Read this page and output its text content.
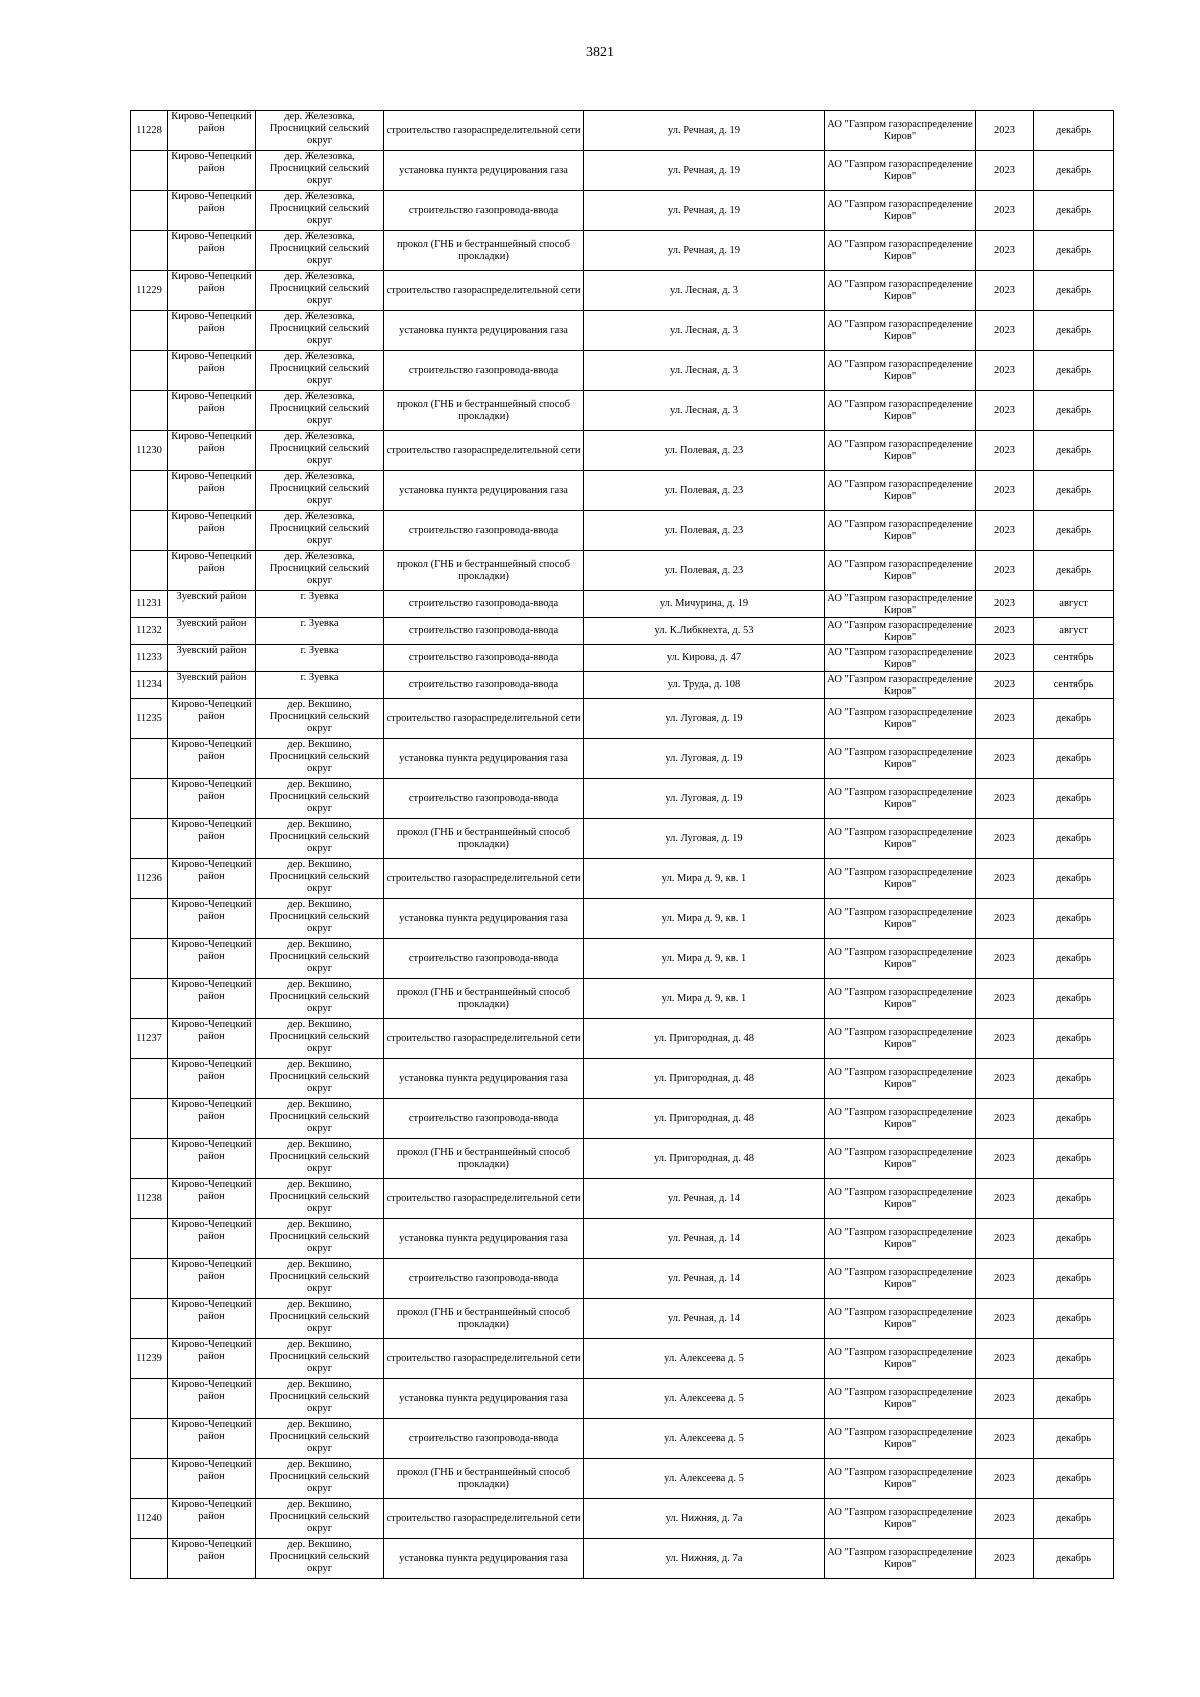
3821
11228	Кирово-Чепецкий район	дер. Железовка, Просницкий сельский округ	строительство газораспределительной сети	ул. Речная, д. 19	АО "Газпром газораспределение Киров"	2023	декабрь

	Кирово-Чепецкий район	дер. Железовка, Просницкий сельский округ	установка пункта редуцирования газа	ул. Речная, д. 19	АО "Газпром газораспределение Киров"	2023	декабрь

	Кирово-Чепецкий район	дер. Железовка, Просницкий сельский округ	строительство газопровода-ввода	ул. Речная, д. 19	АО "Газпром газораспределение Киров"	2023	декабрь

	Кирово-Чепецкий район	дер. Железовка, Просницкий сельский округ	прокол (ГНБ и бестраншейный способ прокладки)	ул. Речная, д. 19	АО "Газпром газораспределение Киров"	2023	декабрь
11229	Кирово-Чепецкий район	дер. Железовка, Просницкий сельский округ	строительство газораспределительной сети	ул. Лесная, д. 3	АО "Газпром газораспределение Киров"	2023	декабрь

	Кирово-Чепецкий район	дер. Железовка, Просницкий сельский округ	установка пункта редуцирования газа	ул. Лесная, д. 3	АО "Газпром газораспределение Киров"	2023	декабрь

	Кирово-Чепецкий район	дер. Железовка, Просницкий сельский округ	строительство газопровода-ввода	ул. Лесная, д. 3	АО "Газпром газораспределение Киров"	2023	декабрь

	Кирово-Чепецкий район	дер. Железовка, Просницкий сельский округ	прокол (ГНБ и бестраншейный способ прокладки)	ул. Лесная, д. 3	АО "Газпром газораспределение Киров"	2023	декабрь
11230	Кирово-Чепецкий район	дер. Железовка, Просницкий сельский округ	строительство газораспределительной сети	ул. Полевая, д. 23	АО "Газпром газораспределение Киров"	2023	декабрь

	Кирово-Чепецкий район	дер. Железовка, Просницкий сельский округ	установка пункта редуцирования газа	ул. Полевая, д. 23	АО "Газпром газораспределение Киров"	2023	декабрь

	Кирово-Чепецкий район	дер. Железовка, Просницкий сельский округ	строительство газопровода-ввода	ул. Полевая, д. 23	АО "Газпром газораспределение Киров"	2023	декабрь

	Кирово-Чепецкий район	дер. Железовка, Просницкий сельский округ	прокол (ГНБ и бестраншейный способ прокладки)	ул. Полевая, д. 23	АО "Газпром газораспределение Киров"	2023	декабрь
11231	Зуевский район	г. Зуевка	строительство газопровода-ввода	ул. Мичурина, д. 19	АО "Газпром газораспределение Киров"	2023	август
11232	Зуевский район	г. Зуевка	строительство газопровода-ввода	ул. К.Либкнехта, д. 53	АО "Газпром газораспределение Киров"	2023	август
11233	Зуевский район	г. Зуевка	строительство газопровода-ввода	ул. Кирова, д. 47	АО "Газпром газораспределение Киров"	2023	сентябрь
11234	Зуевский район	г. Зуевка	строительство газопровода-ввода	ул. Труда, д. 108	АО "Газпром газораспределение Киров"	2023	сентябрь
11235	Кирово-Чепецкий район	дер. Векшино, Просницкий сельский округ	строительство газораспределительной сети	ул. Луговая, д. 19	АО "Газпром газораспределение Киров"	2023	декабрь

	Кирово-Чепецкий район	дер. Векшино, Просницкий сельский округ	установка пункта редуцирования газа	ул. Луговая, д. 19	АО "Газпром газораспределение Киров"	2023	декабрь

	Кирово-Чепецкий район	дер. Векшино, Просницкий сельский округ	строительство газопровода-ввода	ул. Луговая, д. 19	АО "Газпром газораспределение Киров"	2023	декабрь

	Кирово-Чепецкий район	дер. Векшино, Просницкий сельский округ	прокол (ГНБ и бестраншейный способ прокладки)	ул. Луговая, д. 19	АО "Газпром газораспределение Киров"	2023	декабрь
11236	Кирово-Чепецкий район	дер. Векшино, Просницкий сельский округ	строительство газораспределительной сети	ул. Мира д. 9, кв. 1	АО "Газпром газораспределение Киров"	2023	декабрь

	Кирово-Чепецкий район	дер. Векшино, Просницкий сельский округ	установка пункта редуцирования газа	ул. Мира д. 9, кв. 1	АО "Газпром газораспределение Киров"	2023	декабрь

	Кирово-Чепецкий район	дер. Векшино, Просницкий сельский округ	строительство газопровода-ввода	ул. Мира д. 9, кв. 1	АО "Газпром газораспределение Киров"	2023	декабрь

	Кирово-Чепецкий район	дер. Векшино, Просницкий сельский округ	прокол (ГНБ и бестраншейный способ прокладки)	ул. Мира д. 9, кв. 1	АО "Газпром газораспределение Киров"	2023	декабрь
11237	Кирово-Чепецкий район	дер. Векшино, Просницкий сельский округ	строительство газораспределительной сети	ул. Пригородная, д. 48	АО "Газпром газораспределение Киров"	2023	декабрь

	Кирово-Чепецкий район	дер. Векшино, Просницкий сельский округ	установка пункта редуцирования газа	ул. Пригородная, д. 48	АО "Газпром газораспределение Киров"	2023	декабрь

	Кирово-Чепецкий район	дер. Векшино, Просницкий сельский округ	строительство газопровода-ввода	ул. Пригородная, д. 48	АО "Газпром газораспределение Киров"	2023	декабрь

	Кирово-Чепецкий район	дер. Векшино, Просницкий сельский округ	прокол (ГНБ и бестраншейный способ прокладки)	ул. Пригородная, д. 48	АО "Газпром газораспределение Киров"	2023	декабрь
11238	Кирово-Чепецкий район	дер. Векшино, Просницкий сельский округ	строительство газораспределительной сети	ул. Речная, д. 14	АО "Газпром газораспределение Киров"	2023	декабрь

	Кирово-Чепецкий район	дер. Векшино, Просницкий сельский округ	установка пункта редуцирования газа	ул. Речная, д. 14	АО "Газпром газораспределение Киров"	2023	декабрь

	Кирово-Чепецкий район	дер. Векшино, Просницкий сельский округ	строительство газопровода-ввода	ул. Речная, д. 14	АО "Газпром газораспределение Киров"	2023	декабрь

	Кирово-Чепецкий район	дер. Векшино, Просницкий сельский округ	прокол (ГНБ и бестраншейный способ прокладки)	ул. Речная, д. 14	АО "Газпром газораспределение Киров"	2023	декабрь
11239	Кирово-Чепецкий район	дер. Векшино, Просницкий сельский округ	строительство газораспределительной сети	ул. Алексеева д. 5	АО "Газпром газораспределение Киров"	2023	декабрь

	Кирово-Чепецкий район	дер. Векшино, Просницкий сельский округ	установка пункта редуцирования газа	ул. Алексеева д. 5	АО "Газпром газораспределение Киров"	2023	декабрь

	Кирово-Чепецкий район	дер. Векшино, Просницкий сельский округ	строительство газопровода-ввода	ул. Алексеева д. 5	АО "Газпром газораспределение Киров"	2023	декабрь

	Кирово-Чепецкий район	дер. Векшино, Просницкий сельский округ	прокол (ГНБ и бестраншейный способ прокладки)	ул. Алексеева д. 5	АО "Газпром газораспределение Киров"	2023	декабрь
11240	Кирово-Чепецкий район	дер. Векшино, Просницкий сельский округ	строительство газораспределительной сети	ул. Нижняя, д. 7а	АО "Газпром газораспределение Киров"	2023	декабрь

	Кирово-Чепецкий район	дер. Векшино, Просницкий сельский округ	установка пункта редуцирования газа	ул. Нижняя, д. 7а	АО "Газпром газораспределение Киров"	2023	декабрь
